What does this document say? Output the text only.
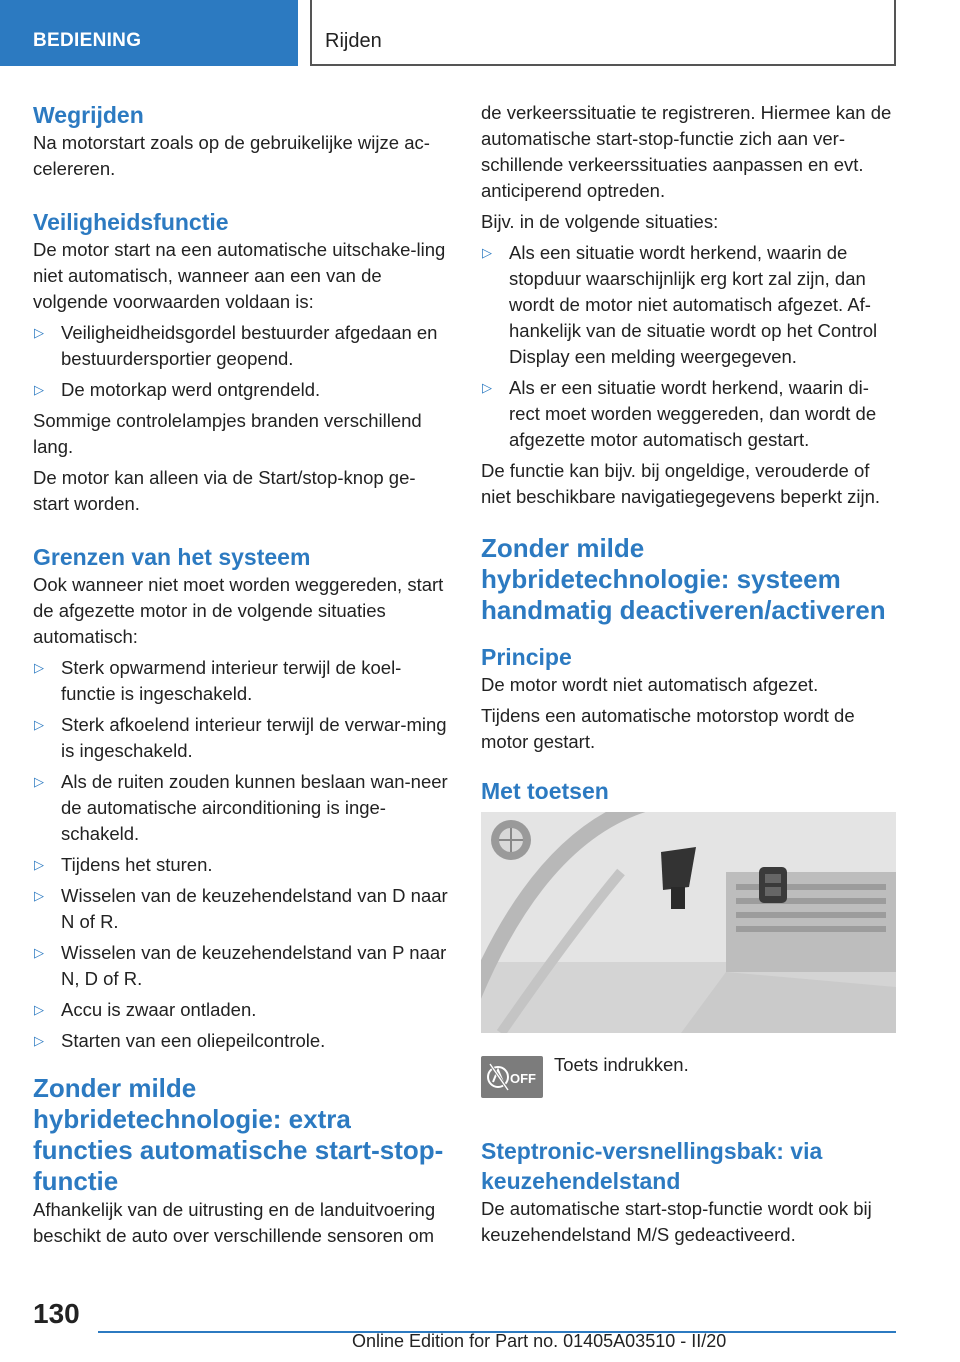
BEDIENING	Rijden
Wegrijden

Na motorstart zoals op de gebruikelijke wijze ac-celereren.

Veiligheidsfunctie

De motor start na een automatische uitschake-ling niet automatisch, wanneer aan een van de volgende voorwaarden voldaan is:

▷ Veiligheidheidsgordel bestuurder afgedaan en bestuurdersportier geopend.
▷ De motorkap werd ontgrendeld.

Sommige controlelampjes branden verschillend lang.

De motor kan alleen via de Start/stop-knop ge-start worden.

Grenzen van het systeem

Ook wanneer niet moet worden weggereden, start de afgezette motor in de volgende situaties automatisch:

▷ Sterk opwarmend interieur terwijl de koel-functie is ingeschakeld.
▷ Sterk afkoelend interieur terwijl de verwar-ming is ingeschakeld.
▷ Als de ruiten zouden kunnen beslaan wan-neer de automatische airconditioning is inge-schakeld.
▷ Tijdens het sturen.
▷ Wisselen van de keuzehendelstand van D naar N of R.
▷ Wisselen van de keuzehendelstand van P naar N, D of R.
▷ Accu is zwaar ontladen.
▷ Starten van een oliepeilcontrole.
Zonder milde hybridetechnologie: extra functies automatische start-stop-functie

Afhankelijk van de uitrusting en de landuitvoering beschikt de auto over verschillende sensoren om

de verkeerssituatie te registreren. Hiermee kan de automatische start-stop-functie zich aan ver-schillende verkeerssituaties aanpassen en evt. anticiperend optreden.

Bijv. in de volgende situaties:

▷ Als een situatie wordt herkend, waarin de stopduur waarschijnlijk erg kort zal zijn, dan wordt de motor niet automatisch afgezet. Af-hankelijk van de situatie wordt op het Control Display een melding weergegeven.
▷ Als er een situatie wordt herkend, waarin di-rect moet worden weggereden, dan wordt de afgezette motor automatisch gestart.

De functie kan bijv. bij ongeldige, verouderde of niet beschikbare navigatiegegevens beperkt zijn.

Zonder milde hybridetechnologie: systeem handmatig deactiveren/activeren
Principe

De motor wordt niet automatisch afgezet.

Tijdens een automatische motorstop wordt de motor gestart.

Met toetsen
OFF

Toets indrukken.

Steptronic-versnellingsbak: via keuzehendelstand

De automatische start-stop-functie wordt ook bij keuzehendelstand M/S gedeactiveerd.

130
Online Edition for Part no. 01405A03510 - II/20
